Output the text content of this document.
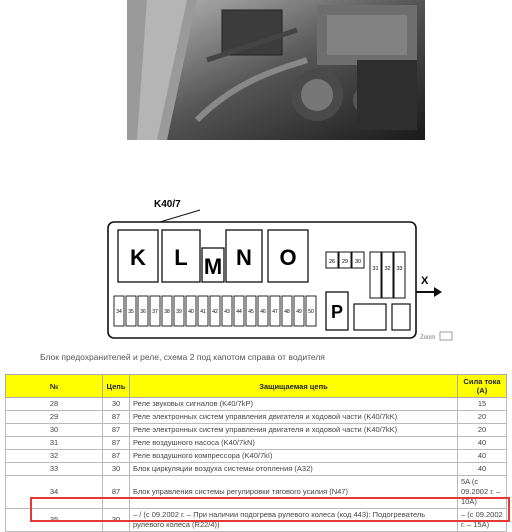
K40/7
K L M N O	26 29 30
31 32 33
34 35 36 37 38 39 40 41 42 43 44 45 46 47 48 49 50 P
X
Zoom
Блок предохранителей и реле, схема 2 под капотом справа от водителя
№	Цепь	Защищаемая цепь	Сила тока (А)
28	30	Реле звуковых сигналов (K40/7kP)	15
29	87	Реле электронных систем управления двигателя и ходовой части (K40/7kK)	20
30	87	Реле электронных систем управления двигателя и ходовой части (K40/7kK)	20
31	87	Реле воздушного насоса (K40/7kN)	40
32	87	Реле воздушного компрессора (K40/7kI)	40
33	30	Блок циркуляции воздуха системы отопления (A32)	40
34	87	Блок управления системы регулировки тягового усилия (N47)	5A (с 09.2002 г. – 10A)
35	30	– / (с 09.2002 г. – При наличии подогрева рулевого колеса (код 443): Подогреватель рулевого колеса (R22/4))	– (с 09.2002 г. – 15A)
